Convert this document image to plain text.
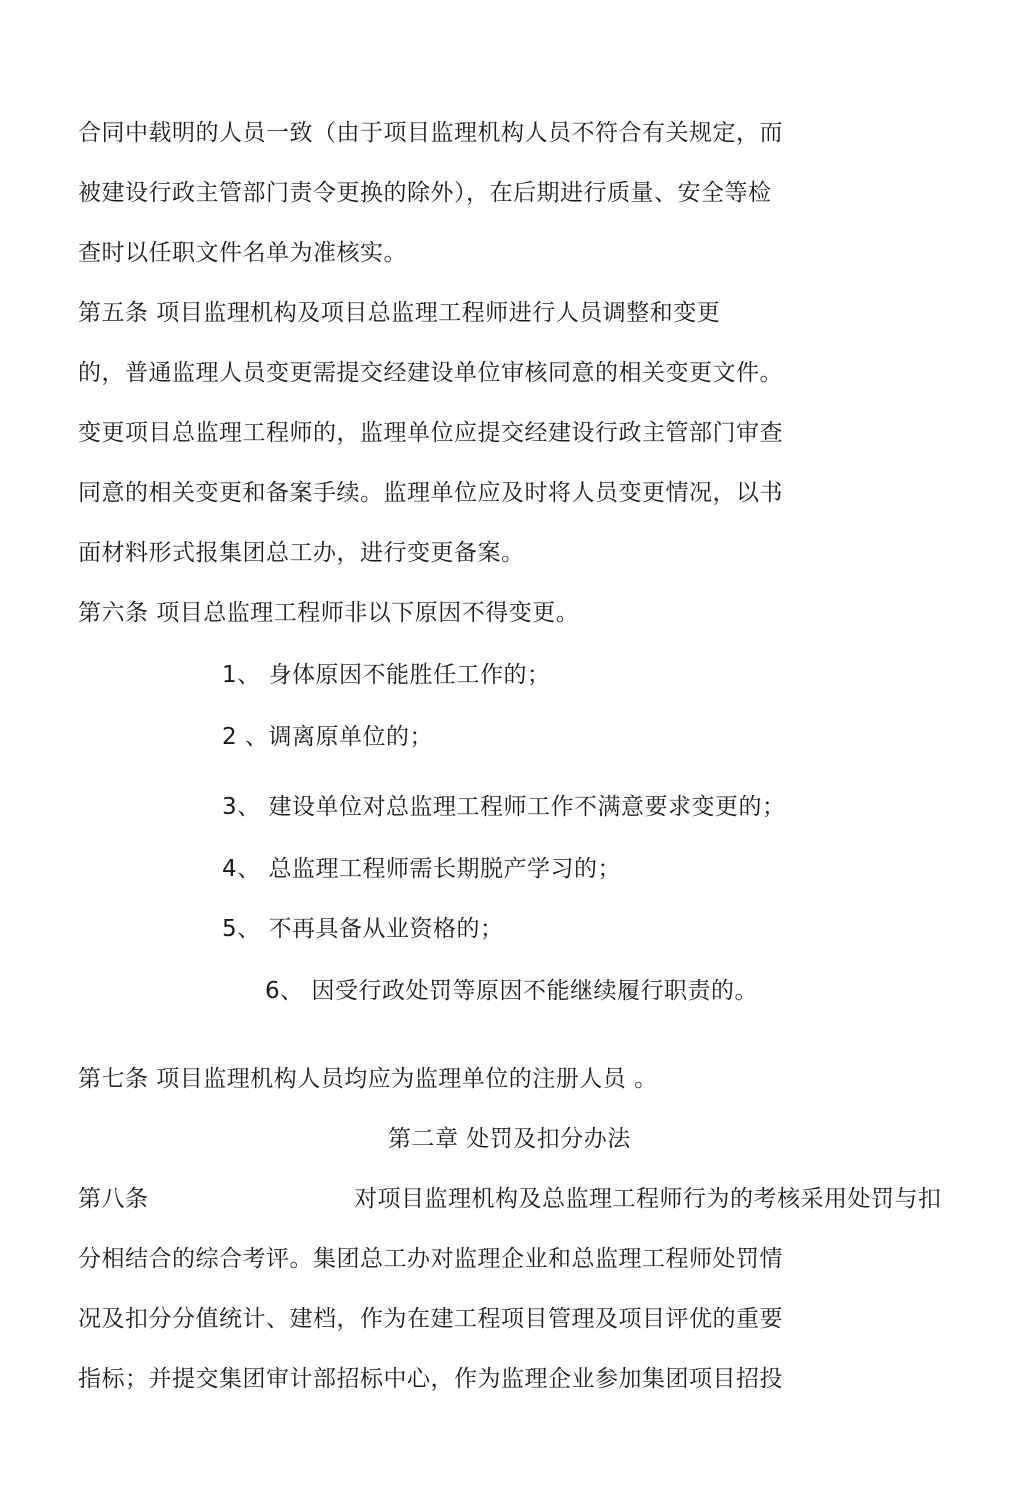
合同中载明的人员一致（由于项目监理机构人员不符合有关规定，而
被建设行政主管部门责令更换的除外），在后期进行质量、安全等检
查时以任职文件名单为准核实。
第五条 项目监理机构及项目总监理工程师进行人员调整和变更
的，普通监理人员变更需提交经建设单位审核同意的相关变更文件。
变更项目总监理工程师的，监理单位应提交经建设行政主管部门审查
同意的相关变更和备案手续。监理单位应及时将人员变更情况，以书
面材料形式报集团总工办，进行变更备案。
第六条 项目总监理工程师非以下原因不得变更。
1、 身体原因不能胜任工作的；
2 、调离原单位的；
3、 建设单位对总监理工程师工作不满意要求变更的；
4、 总监理工程师需长期脱产学习的；
5、 不再具备从业资格的；
6、 因受行政处罚等原因不能继续履行职责的。
第七条 项目监理机构人员均应为监理单位的注册人员 。
第二章 处罚及扣分办法
第八条	对项目监理机构及总监理工程师行为的考核采用处罚与扣
分相结合的综合考评。集团总工办对监理企业和总监理工程师处罚情
况及扣分分值统计、建档，作为在建工程项目管理及项目评优的重要
指标；并提交集团审计部招标中心，作为监理企业参加集团项目招投
